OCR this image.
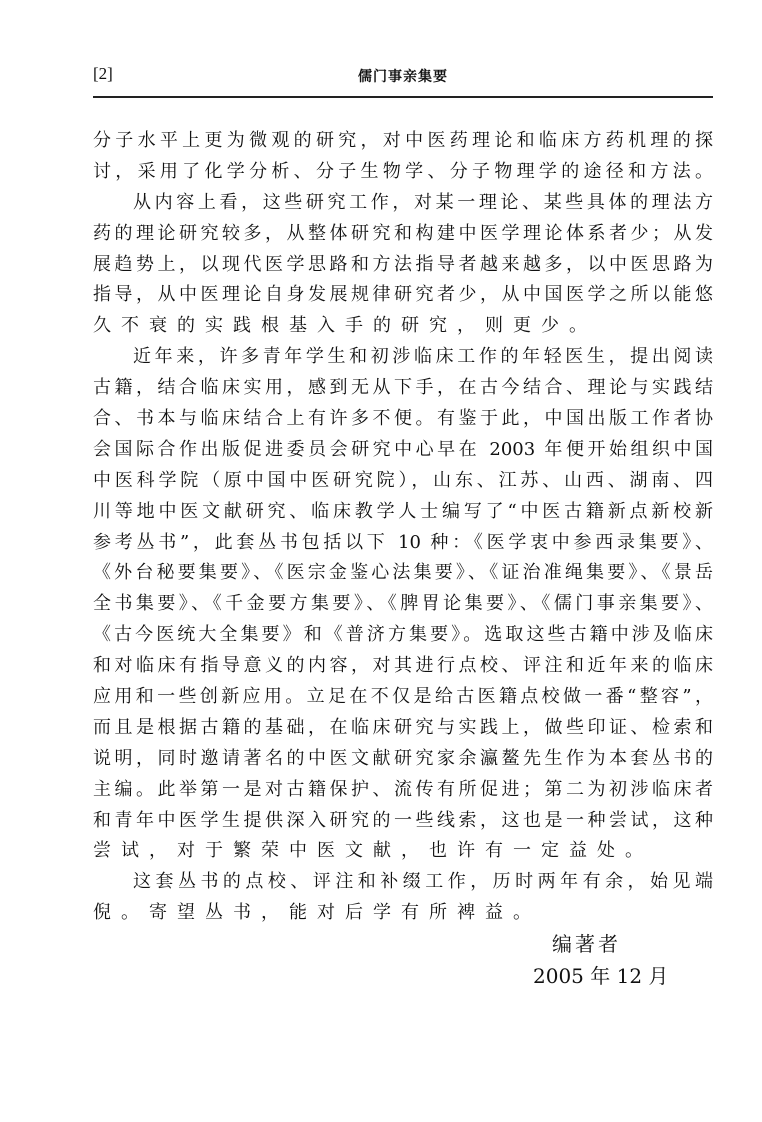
[2]	儒门事亲集要
分子水平上更为微观的研究，对中医药理论和临床方药机理的探
讨，采用了化学分析、分子生物学、分子物理学的途径和方法。
从内容上看，这些研究工作，对某一理论、某些具体的理法方
药的理论研究较多，从整体研究和构建中医学理论体系者少；从发
展趋势上，以现代医学思路和方法指导者越来越多，以中医思路为
指导，从中医理论自身发展规律研究者少，从中国医学之所以能悠
久不衰的实践根基入手的研究，则更少。
近年来，许多青年学生和初涉临床工作的年轻医生，提出阅读
古籍，结合临床实用，感到无从下手，在古今结合、理论与实践结
合、书本与临床结合上有许多不便。有鉴于此，中国出版工作者协
会国际合作出版促进委员会研究中心早在 2003 年便开始组织中国
中医科学院（原中国中医研究院），山东、江苏、山西、湖南、四
川等地中医文献研究、临床教学人士编写了“中医古籍新点新校新
参考丛书”，此套丛书包括以下 10 种：《医学衷中参西录集要》、
《外台秘要集要》、《医宗金鉴心法集要》、《证治准绳集要》、《景岳
全书集要》、《千金要方集要》、《脾胃论集要》、《儒门事亲集要》、
《古今医统大全集要》和《普济方集要》。选取这些古籍中涉及临床
和对临床有指导意义的内容，对其进行点校、评注和近年来的临床
应用和一些创新应用。立足在不仅是给古医籍点校做一番“整容”，
而且是根据古籍的基础，在临床研究与实践上，做些印证、检索和
说明，同时邀请著名的中医文献研究家余瀛鳌先生作为本套丛书的
主编。此举第一是对古籍保护、流传有所促进；第二为初涉临床者
和青年中医学生提供深入研究的一些线索，这也是一种尝试，这种
尝试，对于繁荣中医文献，也许有一定益处。
这套丛书的点校、评注和补缀工作，历时两年有余，始见端
倪。寄望丛书，能对后学有所裨益。
编著者
2005 年 12 月
